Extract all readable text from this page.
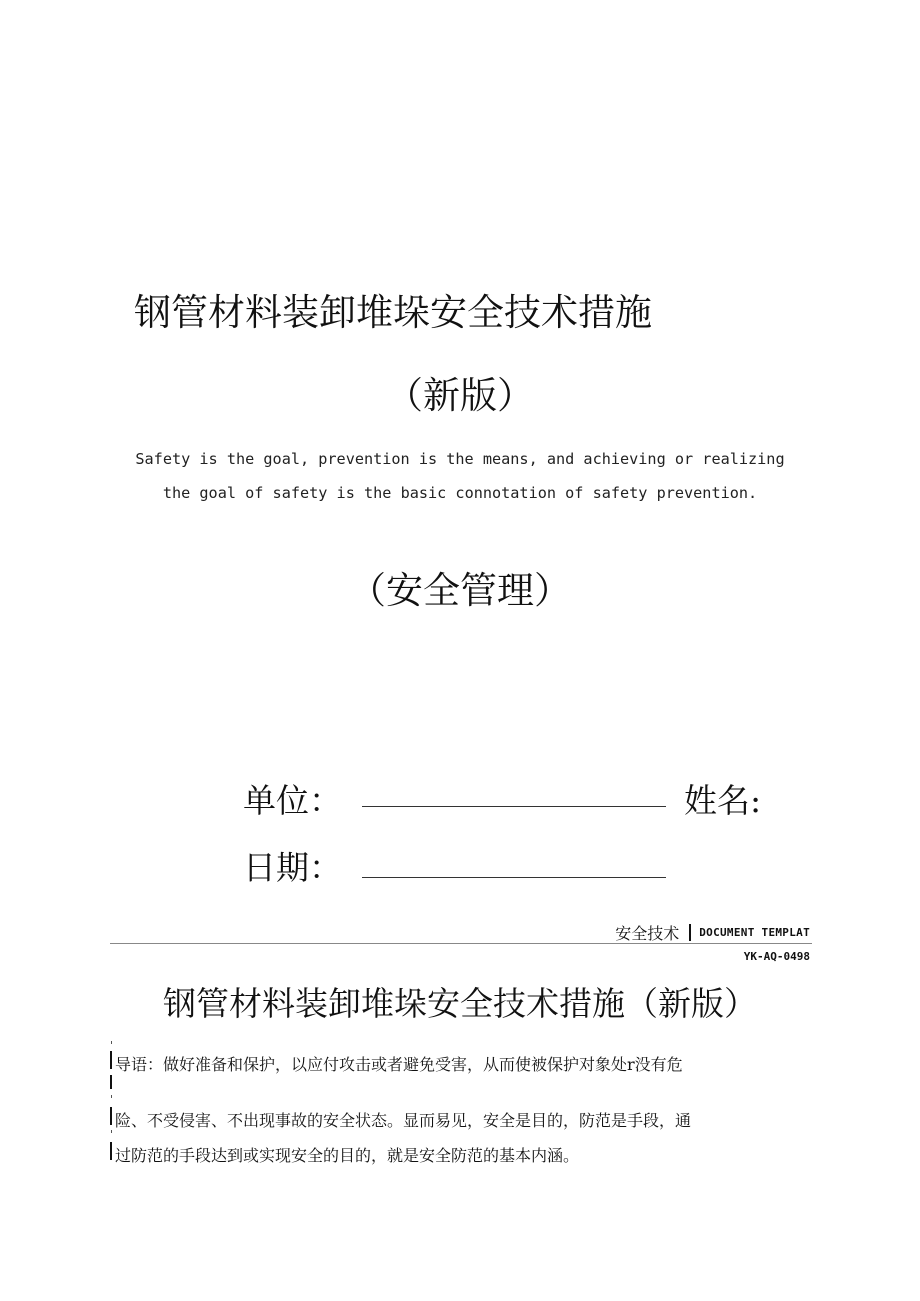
钢管材料装卸堆垛安全技术措施
（新版）
Safety is the goal, prevention is the means, and achieving or realizing
the goal of safety is the basic connotation of safety prevention.
（安全管理）
单位：	姓名:
日期：
安全技术 DOCUMENT TEMPLAT
YK-AQ-0498
钢管材料装卸堆垛安全技术措施（新版）
导语：做好准备和保护，以应付攻击或者避免受害，从而使被保护对象处r没有危
险、不受侵害、不出现事故的安全状态。显而易见，安全是目的，防范是手段，通
过防范的手段达到或实现安全的目的，就是安全防范的基本内涵。
